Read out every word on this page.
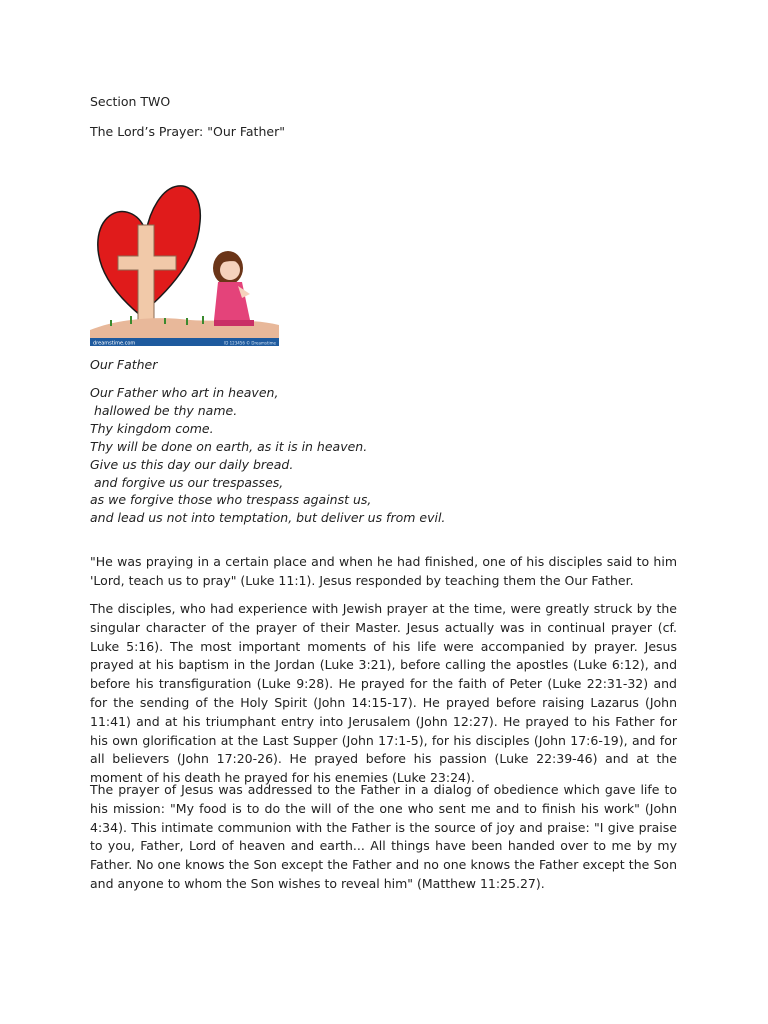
Section TWO
The Lord’s Prayer: "Our Father"
dreamstime.com	ID 123456 © Dreamstime
Our Father
Our Father who art in heaven,
hallowed be thy name.
Thy kingdom come.
Thy will be done on earth, as it is in heaven.
Give us this day our daily bread.
and forgive us our trespasses,
as we forgive those who trespass against us,
and lead us not into temptation, but deliver us from evil.

"He was praying in a certain place and when he had finished, one of his disciples said to him 'Lord, teach us to pray" (Luke 11:1). Jesus responded by teaching them the Our Father.

The disciples, who had experience with Jewish prayer at the time, were greatly struck by the singular character of the prayer of their Master. Jesus actually was in continual prayer (cf. Luke 5:16). The most important moments of his life were accompanied by prayer. Jesus prayed at his baptism in the Jordan (Luke 3:21), before calling the apostles (Luke 6:12), and before his transfiguration (Luke 9:28). He prayed for the faith of Peter (Luke 22:31-32) and for the sending of the Holy Spirit (John 14:15-17). He prayed before raising Lazarus (John 11:41) and at his triumphant entry into Jerusalem (John 12:27). He prayed to his Father for his own glorification at the Last Supper (John 17:1-5), for his disciples (John 17:6-19), and for all believers (John 17:20-26). He prayed before his passion (Luke 22:39-46) and at the moment of his death he prayed for his enemies (Luke 23:24).

The prayer of Jesus was addressed to the Father in a dialog of obedience which gave life to his mission: "My food is to do the will of the one who sent me and to finish his work" (John 4:34). This intimate communion with the Father is the source of joy and praise: "I give praise to you, Father, Lord of heaven and earth... All things have been handed over to me by my Father. No one knows the Son except the Father and no one knows the Father except the Son and anyone to whom the Son wishes to reveal him" (Matthew 11:25.27).
